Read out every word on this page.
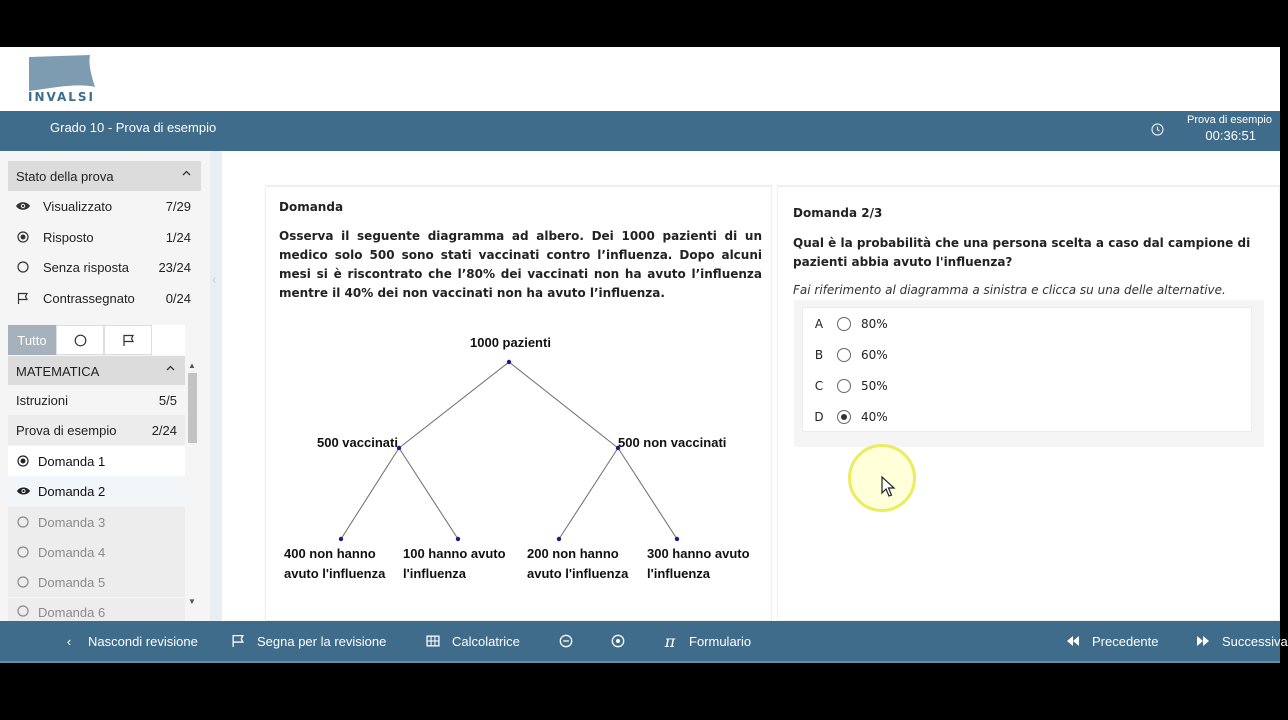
INVALSI
Grado 10 - Prova di esempio	Prova di esempio
00:36:51
Stato della prova
Visualizzato	7/29
Risposto	1/24
Senza risposta	23/24
Contrassegnato	0/24
Tutto
MATEMATICA
Istruzioni	5/5
Prova di esempio	2/24
Domanda 1
Domanda 2
Domanda 3
Domanda 4
Domanda 5
Domanda 6
▲
▼
‹
Domanda
Osserva il seguente diagramma ad albero. Dei 1000 pazienti di un medico solo 500 sono stati vaccinati contro l’influenza. Dopo alcuni mesi si è riscontrato che l’80% dei vaccinati non ha avuto l’influenza mentre il 40% dei non vaccinati non ha avuto l’influenza.
1000 pazienti
500 vaccinati	500 non vaccinati
400 non hanno
avuto l'influenza
100 hanno avuto
l'influenza
200 non hanno
avuto l'influenza
300 hanno avuto
l'influenza
Domanda 2/3
Qual è la probabilità che una persona scelta a caso dal campione di pazienti abbia avuto l'influenza?
Fai riferimento al diagramma a sinistra e clicca su una delle alternative.
A	80%
B	60%
C	50%
D	40%
‹	Nascondi revisione	Segna per la revisione	Calcolatrice	π Formulario	Precedente	Successiva
